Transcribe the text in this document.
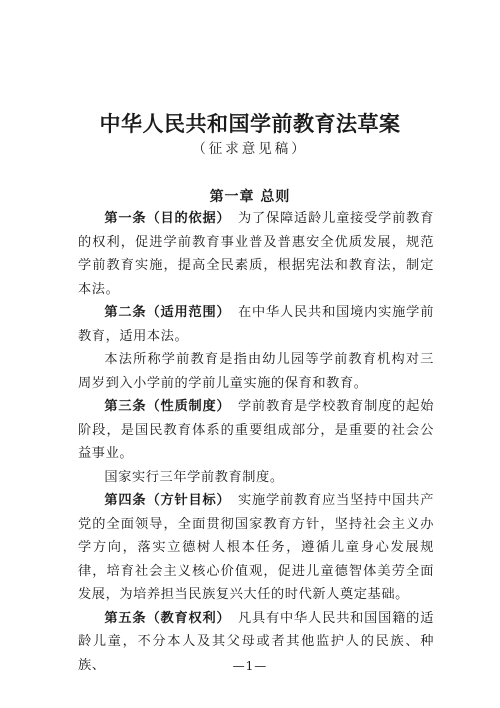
中华人民共和国学前教育法草案
（征求意见稿）
第一章 总则

第一条（目的依据）　为了保障适龄儿童接受学前教育的权利，促进学前教育事业普及普惠安全优质发展，规范学前教育实施，提高全民素质，根据宪法和教育法，制定本法。

第二条（适用范围）　在中华人民共和国境内实施学前教育，适用本法。

本法所称学前教育是指由幼儿园等学前教育机构对三周岁到入小学前的学前儿童实施的保育和教育。

第三条（性质制度）　学前教育是学校教育制度的起始阶段，是国民教育体系的重要组成部分，是重要的社会公益事业。

国家实行三年学前教育制度。

第四条（方针目标）　实施学前教育应当坚持中国共产党的全面领导，全面贯彻国家教育方针，坚持社会主义办学方向，落实立德树人根本任务，遵循儿童身心发展规律，培育社会主义核心价值观，促进儿童德智体美劳全面发展，为培养担当民族复兴大任的时代新人奠定基础。

第五条（教育权利）　凡具有中华人民共和国国籍的适龄儿童，不分本人及其父母或者其他监护人的民族、种族、	—1—
